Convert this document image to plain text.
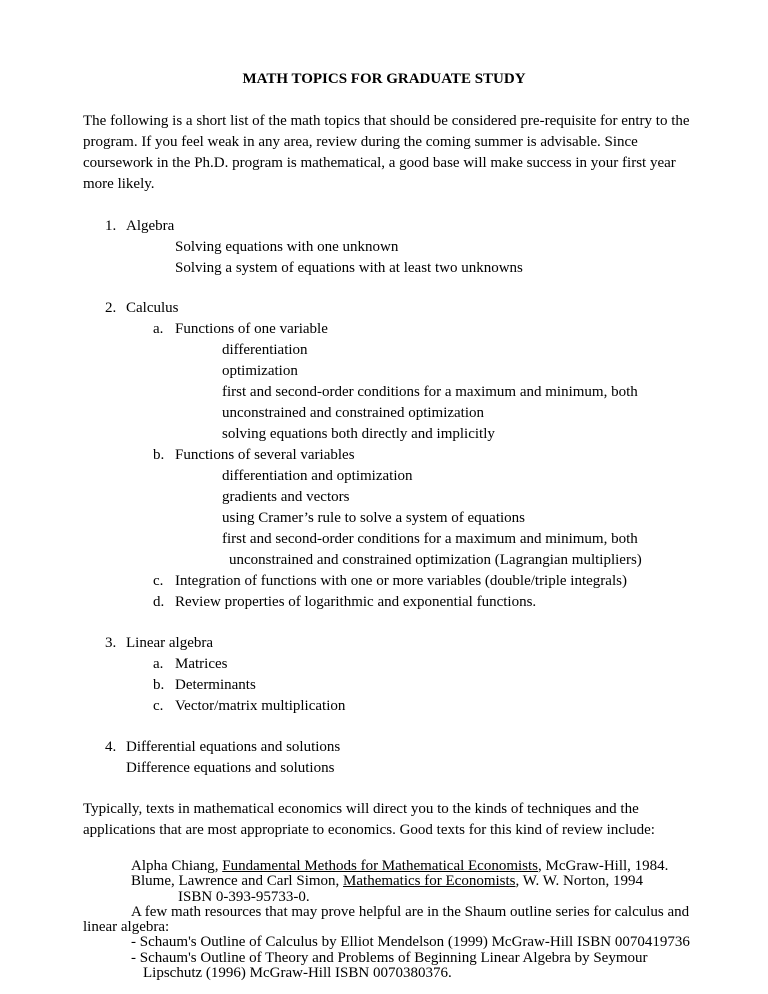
MATH TOPICS FOR GRADUATE STUDY
The following is a short list of the math topics that should be considered pre-requisite for entry to the program. If you feel weak in any area, review during the coming summer is advisable. Since coursework in the Ph.D. program is mathematical, a good base will make success in your first year more likely.
1. Algebra
Solving equations with one unknown
Solving a system of equations with at least two unknowns
2. Calculus
a. Functions of one variable
differentiation
optimization
first and second-order conditions for a maximum and minimum, both
unconstrained and constrained optimization
solving equations both directly and implicitly
b. Functions of several variables
differentiation and optimization
gradients and vectors
using Cramer’s rule to solve a system of equations
first and second-order conditions for a maximum and minimum, both
unconstrained and constrained optimization (Lagrangian multipliers)
c. Integration of functions with one or more variables (double/triple integrals)
d. Review properties of logarithmic and exponential functions.
3. Linear algebra
a. Matrices
b. Determinants
c. Vector/matrix multiplication
4. Differential equations and solutions
Difference equations and solutions
Typically, texts in mathematical economics will direct you to the kinds of techniques and the
applications that are most appropriate to economics. Good texts for this kind of review include:
Alpha Chiang, Fundamental Methods for Mathematical Economists, McGraw-Hill, 1984.
Blume, Lawrence and Carl Simon, Mathematics for Economists, W. W. Norton, 1994
ISBN 0-393-95733-0.
A few math resources that may prove helpful are in the Shaum outline series for calculus and
linear algebra:
- Schaum's Outline of Calculus by Elliot Mendelson (1999) McGraw-Hill ISBN 0070419736
- Schaum's Outline of Theory and Problems of Beginning Linear Algebra by Seymour
Lipschutz (1996) McGraw-Hill ISBN 0070380376.
